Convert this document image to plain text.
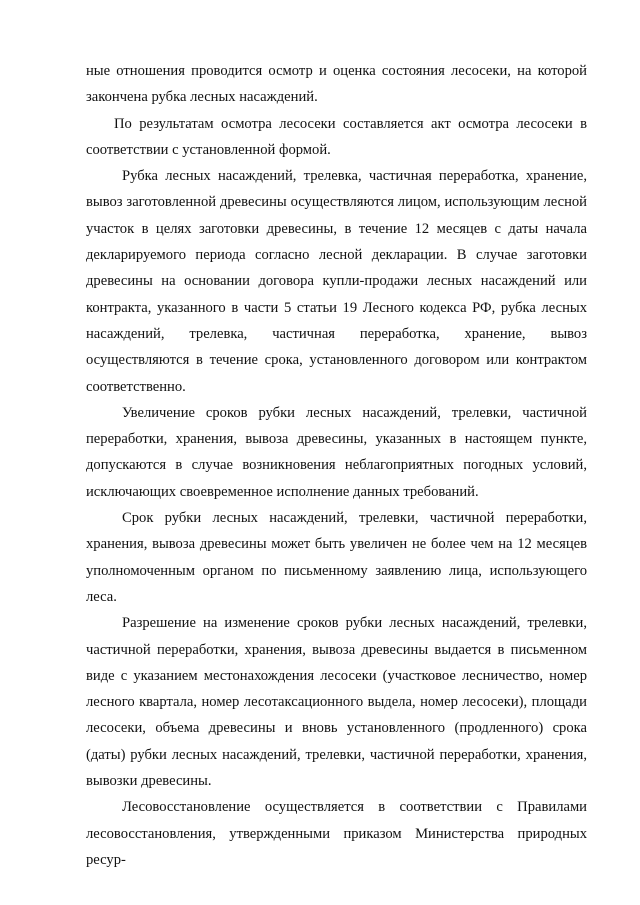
ные отношения проводится осмотр и оценка состояния лесосеки, на которой закончена рубка лесных насаждений.

По результатам осмотра лесосеки составляется акт осмотра лесосеки в соответствии с установленной формой.

Рубка лесных насаждений, трелевка, частичная переработка, хранение, вывоз заготовленной древесины осуществляются лицом, использующим лесной участок в целях заготовки древесины, в течение 12 месяцев с даты начала декларируемого периода согласно лесной декларации. В случае заготовки древесины на основании договора купли-продажи лесных насаждений или контракта, указанного в части 5 статьи 19 Лесного кодекса РФ, рубка лесных насаждений, трелевка, частичная переработка, хранение, вывоз осуществляются в течение срока, установленного договором или контрактом соответственно.

Увеличение сроков рубки лесных насаждений, трелевки, частичной переработки, хранения, вывоза древесины, указанных в настоящем пункте, допускаются в случае возникновения неблагоприятных погодных условий, исключающих своевременное исполнение данных требований.

Срок рубки лесных насаждений, трелевки, частичной переработки, хранения, вывоза древесины может быть увеличен не более чем на 12 месяцев уполномоченным органом по письменному заявлению лица, использующего леса.

Разрешение на изменение сроков рубки лесных насаждений, трелевки, частичной переработки, хранения, вывоза древесины выдается в письменном виде с указанием местонахождения лесосеки (участковое лесничество, номер лесного квартала, номер лесотаксационного выдела, номер лесосеки), площади лесосеки, объема древесины и вновь установленного (продленного) срока (даты) рубки лесных насаждений, трелевки, частичной переработки, хранения, вывозки древесины.

Лесовосстановление осуществляется в соответствии с Правилами лесовосстановления, утвержденными приказом Министерства природных ресур-
